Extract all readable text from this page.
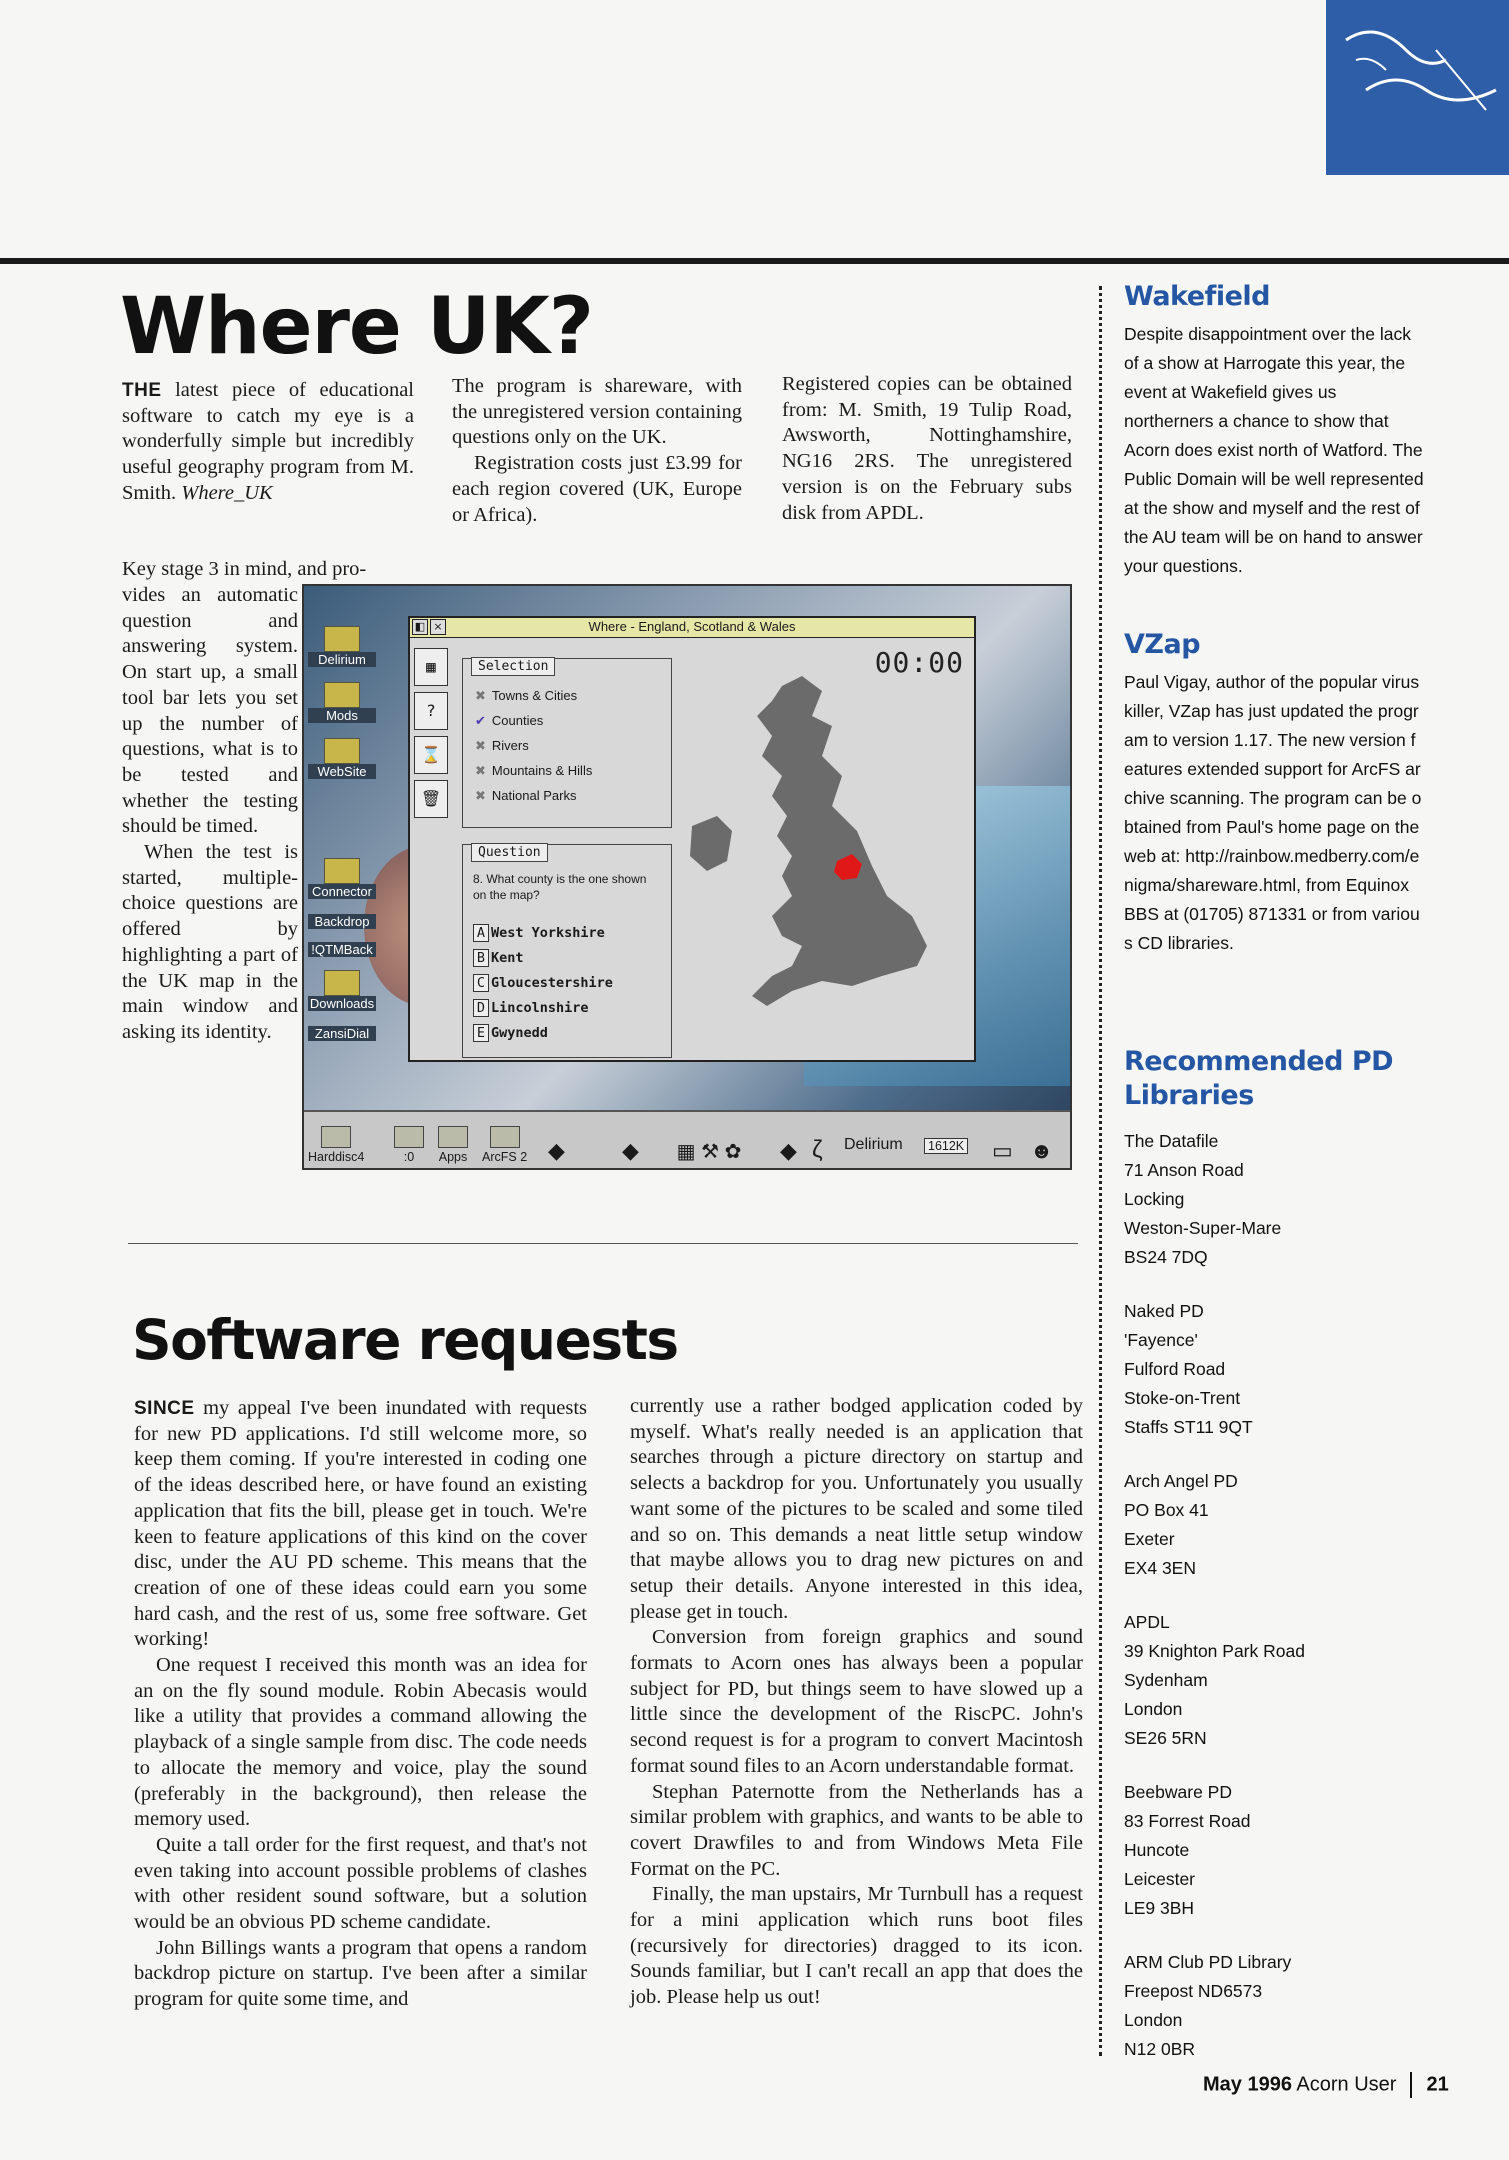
Where UK?

THE latest piece of educational software to catch my eye is a wonderfully simple but incredibly useful geography program from M. Smith. Where_UK

Key stage 3 in mind, and pro-

vides an automatic question and answering system. On start up, a small tool bar lets you set up the number of questions, what is to be tested and whether the testing should be timed.

When the test is started, multiple-choice questions are offered by highlighting a part of the UK map in the main window and asking its identity.

The program is shareware, with the unregistered version containing questions only on the UK.

Registration costs just £3.99 for each region covered (UK, Europe or Africa).

Registered copies can be obtained from: M. Smith, 19 Tulip Road, Awsworth, Nottinghamshire, NG16 2RS. The unregistered version is on the February subs disk from APDL.

Delirium
Mods
WebSite
Connector
Backdrop
!QTMBack
Downloads
ZansiDial
◧ ×	Where - England, Scotland & Wales
▦
?
⌛
🗑
Selection
✖ Towns & Cities
✔ Counties
✖ Rivers
✖ Mountains & Hills
✖ National Parks
Question
8. What county is the one shown on the map?
A West Yorkshire
B Kent
C Gloucestershire
D Lincolnshire
E Gwynedd
00:00
Harddisc4	:0	Apps ArcFS 2 ◆	◆	▦ ⚒ ✿	◆ ζ Delirium	1612K ▭ ☻
Software requests

SINCE my appeal I've been inundated with requests for new PD applications. I'd still welcome more, so keep them coming. If you're interested in coding one of the ideas described here, or have found an existing application that fits the bill, please get in touch. We're keen to feature applications of this kind on the cover disc, under the AU PD scheme. This means that the creation of one of these ideas could earn you some hard cash, and the rest of us, some free software. Get working!

One request I received this month was an idea for an on the fly sound module. Robin Abecasis would like a utility that provides a command allowing the playback of a single sample from disc. The code needs to allocate the memory and voice, play the sound (preferably in the background), then release the memory used.

Quite a tall order for the first request, and that's not even taking into account possible problems of clashes with other resident sound software, but a solution would be an obvious PD scheme candidate.

John Billings wants a program that opens a random backdrop picture on startup. I've been after a similar program for quite some time, and

currently use a rather bodged application coded by myself. What's really needed is an application that searches through a picture directory on startup and selects a backdrop for you. Unfortunately you usually want some of the pictures to be scaled and some tiled and so on. This demands a neat little setup window that maybe allows you to drag new pictures on and setup their details. Anyone interested in this idea, please get in touch.

Conversion from foreign graphics and sound formats to Acorn ones has always been a popular subject for PD, but things seem to have slowed up a little since the development of the RiscPC. John's second request is for a program to convert Macintosh format sound files to an Acorn understandable format.

Stephan Paternotte from the Netherlands has a similar problem with graphics, and wants to be able to covert Drawfiles to and from Windows Meta File Format on the PC.

Finally, the man upstairs, Mr Turnbull has a request for a mini application which runs boot files (recursively for directories) dragged to its icon. Sounds familiar, but I can't recall an app that does the job. Please help us out!

Wakefield

Despite disappointment over the lack of a show at Harrogate this year, the event at Wakefield gives us northerners a chance to show that Acorn does exist north of Watford. The Public Domain will be well represented at the show and myself and the rest of the AU team will be on hand to answer your questions.

VZap

Paul Vigay, author of the popular virus killer, VZap has just updated the program to version 1.17. The new version features extended support for ArcFS archive scanning. The program can be obtained from Paul's home page on the web at: http://rainbow.medberry.com/enigma/shareware.html, from Equinox BBS at (01705) 871331 or from various CD libraries.

Recommended PD Libraries
The Datafile
71 Anson Road
Locking
Weston-Super-Mare
BS24 7DQ
Naked PD
'Fayence'
Fulford Road
Stoke-on-Trent
Staffs ST11 9QT
Arch Angel PD
PO Box 41
Exeter
EX4 3EN
APDL
39 Knighton Park Road
Sydenham
London
SE26 5RN
Beebware PD
83 Forrest Road
Huncote
Leicester
LE9 3BH
ARM Club PD Library
Freepost ND6573
London
N12 0BR
May 1996 Acorn User 21
